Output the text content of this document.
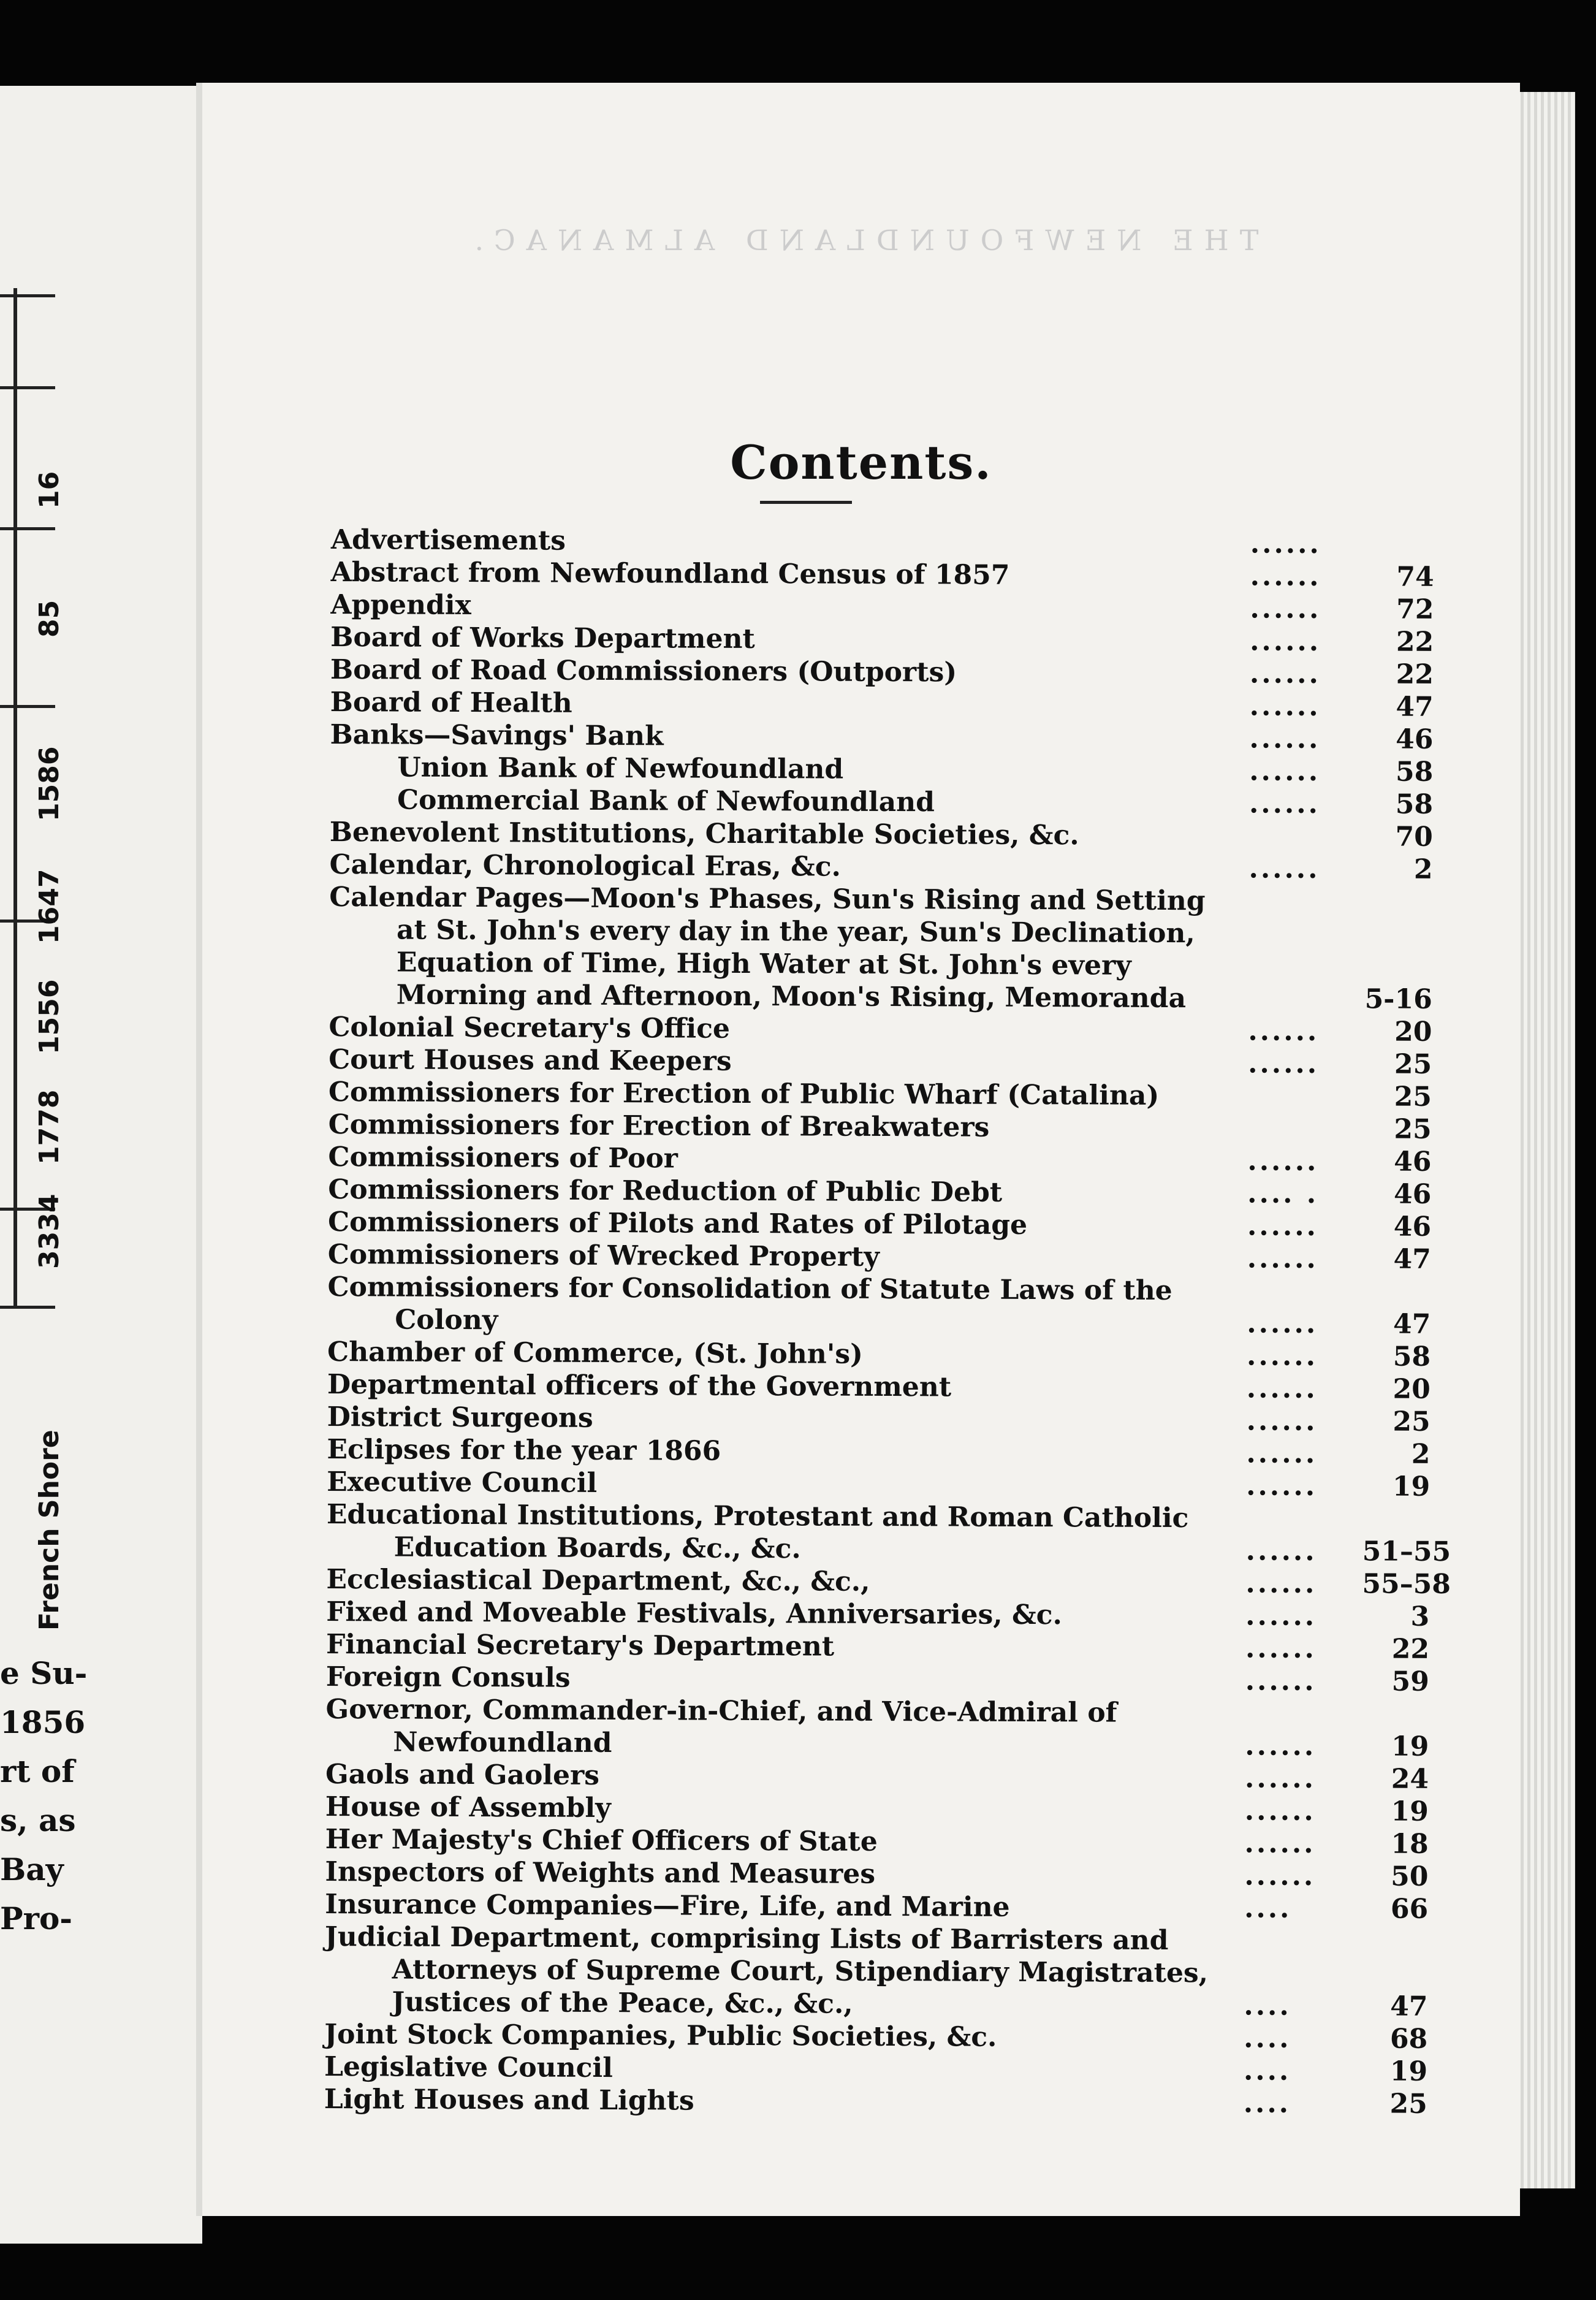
16
85
1586
1647
1556
1778
3334
French Shore
e Su-
1856
rt of
s, as
Bay
Pro-
THE NEWFOUNDLAND ALMANAC.
Contents.
Advertisements	......
Abstract from Newfoundland Census of 1857	......	74
Appendix	......	72
Board of Works Department	......	22
Board of Road Commissioners (Outports)	......	22
Board of Health	......	47
Banks—Savings' Bank	......	46
Union Bank of Newfoundland	......	58
Commercial Bank of Newfoundland	......	58
Benevolent Institutions, Charitable Societies, &c.	70
Calendar, Chronological Eras, &c.	......	2
Calendar Pages—Moon's Phases, Sun's Rising and Setting
at St. John's every day in the year, Sun's Declination,
Equation of Time, High Water at St. John's every
Morning and Afternoon, Moon's Rising, Memoranda	5-16
Colonial Secretary's Office	......	20
Court Houses and Keepers	......	25
Commissioners for Erection of Public Wharf (Catalina)	25
Commissioners for Erection of Breakwaters	25
Commissioners of Poor	......	46
Commissioners for Reduction of Public Debt	.... .	46
Commissioners of Pilots and Rates of Pilotage	......	46
Commissioners of Wrecked Property	......	47
Commissioners for Consolidation of Statute Laws of the
Colony	......	47
Chamber of Commerce, (St. John's)	......	58
Departmental officers of the Government	......	20
District Surgeons	......	25
Eclipses for the year 1866	......	2
Executive Council	......	19
Educational Institutions, Protestant and Roman Catholic
Education Boards, &c., &c.	...... 51–55
Ecclesiastical Department, &c., &c.,	...... 55–58
Fixed and Moveable Festivals, Anniversaries, &c.	......	3
Financial Secretary's Department	......	22
Foreign Consuls	......	59
Governor, Commander-in-Chief, and Vice-Admiral of
Newfoundland	......	19
Gaols and Gaolers	......	24
House of Assembly	......	19
Her Majesty's Chief Officers of State	......	18
Inspectors of Weights and Measures	......	50
Insurance Companies—Fire, Life, and Marine	....	66
Judicial Department, comprising Lists of Barristers and
Attorneys of Supreme Court, Stipendiary Magistrates,
Justices of the Peace, &c., &c.,	....	47
Joint Stock Companies, Public Societies, &c.	....	68
Legislative Council	....	19
Light Houses and Lights	....	25
